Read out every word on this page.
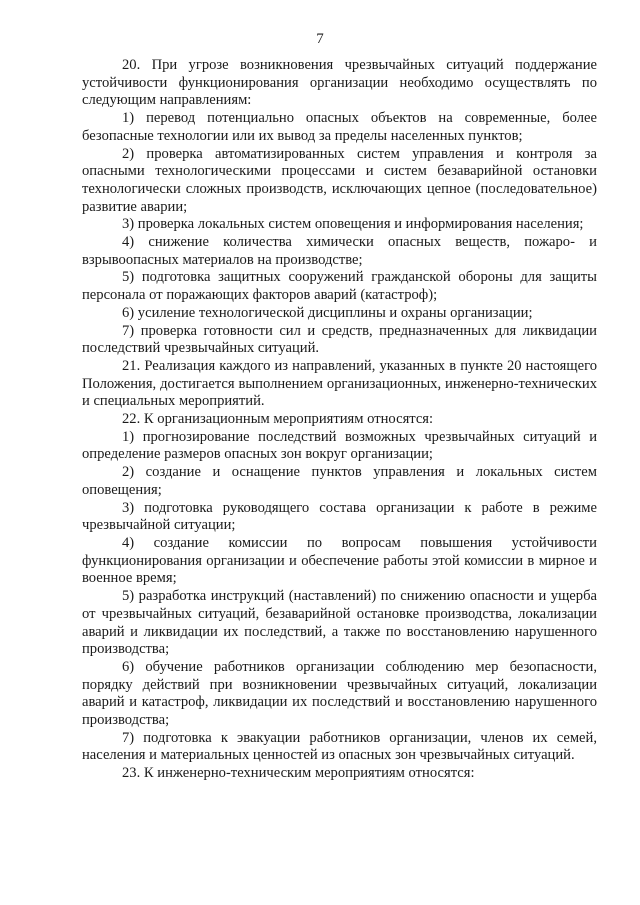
7

20. При угрозе возникновения чрезвычайных ситуаций поддержание устойчивости функционирования организации необходимо осуществлять по следующим направлениям:

1) перевод потенциально опасных объектов на современные, более безопасные технологии или их вывод за пределы населенных пунктов;

2) проверка автоматизированных систем управления и контроля за опасными технологическими процессами и систем безаварийной остановки технологически сложных производств, исключающих цепное (последовательное) развитие аварии;

3) проверка локальных систем оповещения и информирования населения;

4) снижение количества химически опасных веществ, пожаро- и взрывоопасных материалов на производстве;

5) подготовка защитных сооружений гражданской обороны для защиты персонала от поражающих факторов аварий (катастроф);

6) усиление технологической дисциплины и охраны организации;

7) проверка готовности сил и средств, предназначенных для ликвидации последствий чрезвычайных ситуаций.

21. Реализация каждого из направлений, указанных в пункте 20 настоящего Положения, достигается выполнением организационных, инженерно-технических и специальных мероприятий.

22. К организационным мероприятиям относятся:

1) прогнозирование последствий возможных чрезвычайных ситуаций и определение размеров опасных зон вокруг организации;

2) создание и оснащение пунктов управления и локальных систем оповещения;

3) подготовка руководящего состава организации к работе в режиме чрезвычайной ситуации;

4) создание комиссии по вопросам повышения устойчивости функционирования организации и обеспечение работы этой комиссии в мирное и военное время;

5) разработка инструкций (наставлений) по снижению опасности и ущерба от чрезвычайных ситуаций, безаварийной остановке производства, локализации аварий и ликвидации их последствий, а также по восстановлению нарушенного производства;

6) обучение работников организации соблюдению мер безопасности, порядку действий при возникновении чрезвычайных ситуаций, локализации аварий и катастроф, ликвидации их последствий и восстановлению нарушенного производства;

7) подготовка к эвакуации работников организации, членов их семей, населения и материальных ценностей из опасных зон чрезвычайных ситуаций.

23. К инженерно-техническим мероприятиям относятся:
